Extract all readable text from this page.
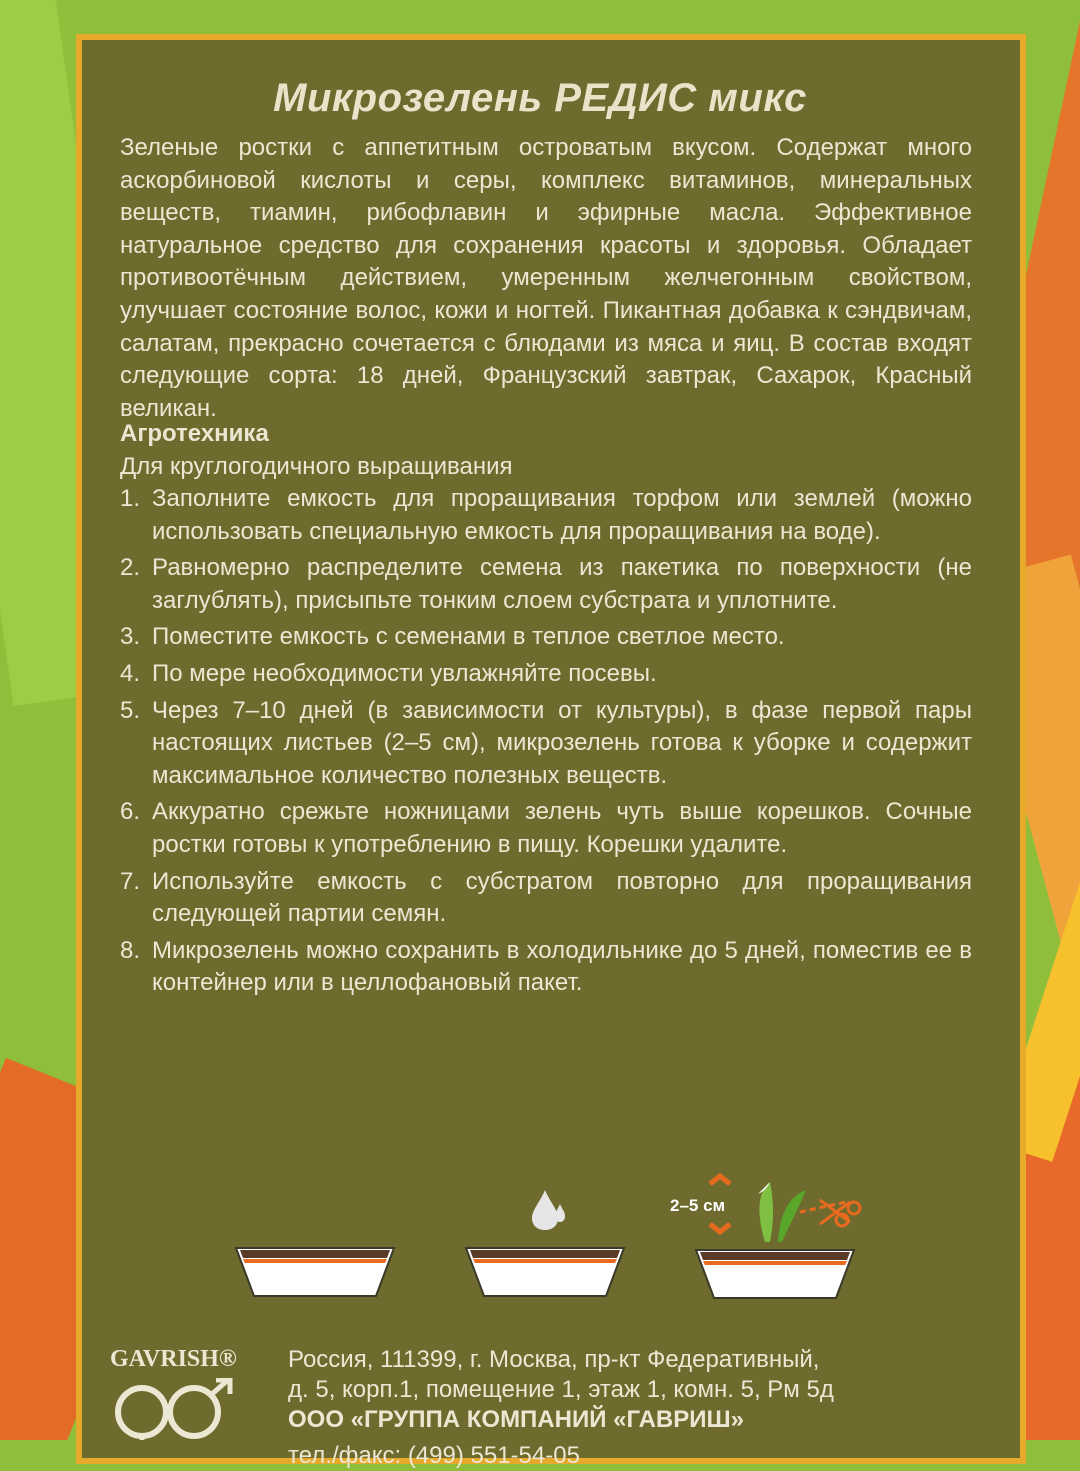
Микрозелень РЕДИС микс

Зеленые ростки с аппетитным островатым вкусом. Содержат много аскорбиновой кислоты и серы, комплекс витаминов, минеральных веществ, тиамин, рибофлавин и эфирные масла. Эффективное натуральное средство для сохранения красоты и здоровья. Обладает противоотёчным действием, умеренным желчегонным свойством, улучшает состояние волос, кожи и ногтей. Пикантная добавка к сэндвичам, салатам, прекрасно сочетается с блюдами из мяса и яиц. В состав входят следующие сорта: 18 дней, Французский завтрак, Сахарок, Красный великан.

Агротехника
Для круглогодичного выращивания
1. Заполните емкость для проращивания торфом или землей (можно использовать специальную емкость для проращивания на воде).
2. Равномерно распределите семена из пакетика по поверхности (не заглублять), присыпьте тонким слоем субстрата и уплотните.
3. Поместите емкость с семенами в теплое светлое место.
4. По мере необходимости увлажняйте посевы.
5. Через 7–10 дней (в зависимости от культуры), в фазе первой пары настоящих листьев (2–5 см), микрозелень готова к уборке и содержит максимальное количество полезных веществ.
6. Аккуратно срежьте ножницами зелень чуть выше корешков. Сочные ростки готовы к употреблению в пищу. Корешки удалите.
7. Используйте емкость с субстратом повторно для проращивания следующей партии семян.
8. Микрозелень можно сохранить в холодильнике до 5 дней, поместив ее в контейнер или в целлофановый пакет.
2–5 см
GAVRISH® Россия, 111399, г. Москва, пр-кт Федеративный,
д. 5, корп.1, помещение 1, этаж 1, комн. 5, Рм 5д
ООО «ГРУППА КОМПАНИЙ «ГАВРИШ»
тел./факс: (499) 551-54-05
